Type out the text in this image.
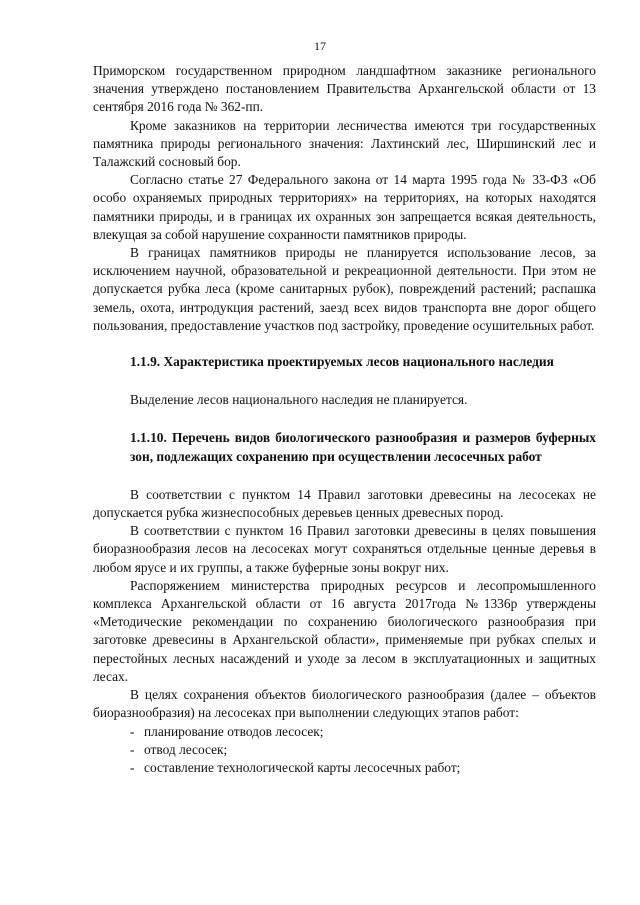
17

Приморском государственном природном ландшафтном заказнике регионального значения утверждено постановлением Правительства Архангельской области от 13 сентября 2016 года № 362-пп.

Кроме заказников на территории лесничества имеются три государственных памятника природы регионального значения: Лахтинский лес, Ширшинский лес и Талажский сосновый бор.

Согласно статье 27 Федерального закона от 14 марта 1995 года № 33-ФЗ «Об особо охраняемых природных территориях» на территориях, на которых находятся памятники природы, и в границах их охранных зон запрещается всякая деятельность, влекущая за собой нарушение сохранности памятников природы.

В границах памятников природы не планируется использование лесов, за исключением научной, образовательной и рекреационной деятельности. При этом не допускается рубка леса (кроме санитарных рубок), повреждений растений; распашка земель, охота, интродукция растений, заезд всех видов транспорта вне дорог общего пользования, предоставление участков под застройку, проведение осушительных работ.

1.1.9. Характеристика проектируемых лесов национального наследия

Выделение лесов национального наследия не планируется.

1.1.10. Перечень видов биологического разнообразия и размеров буферных зон, подлежащих сохранению при осуществлении лесосечных работ

В соответствии с пунктом 14 Правил заготовки древесины на лесосеках не допускается рубка жизнеспособных деревьев ценных древесных пород.

В соответствии с пунктом 16 Правил заготовки древесины в целях повышения биоразнообразия лесов на лесосеках могут сохраняться отдельные ценные деревья в любом ярусе и их группы, а также буферные зоны вокруг них.

Распоряжением министерства природных ресурсов и лесопромышленного комплекса Архангельской области от 16 августа 2017года №1336р утверждены «Методические рекомендации по сохранению биологического разнообразия при заготовке древесины в Архангельской области», применяемые при рубках спелых и перестойных лесных насаждений и уходе за лесом в эксплуатационных и защитных лесах.

В целях сохранения объектов биологического разнообразия (далее – объектов биоразнообразия) на лесосеках при выполнении следующих этапов работ:

- планирование отводов лесосек;
- отвод лесосек;
- составление технологической карты лесосечных работ;
